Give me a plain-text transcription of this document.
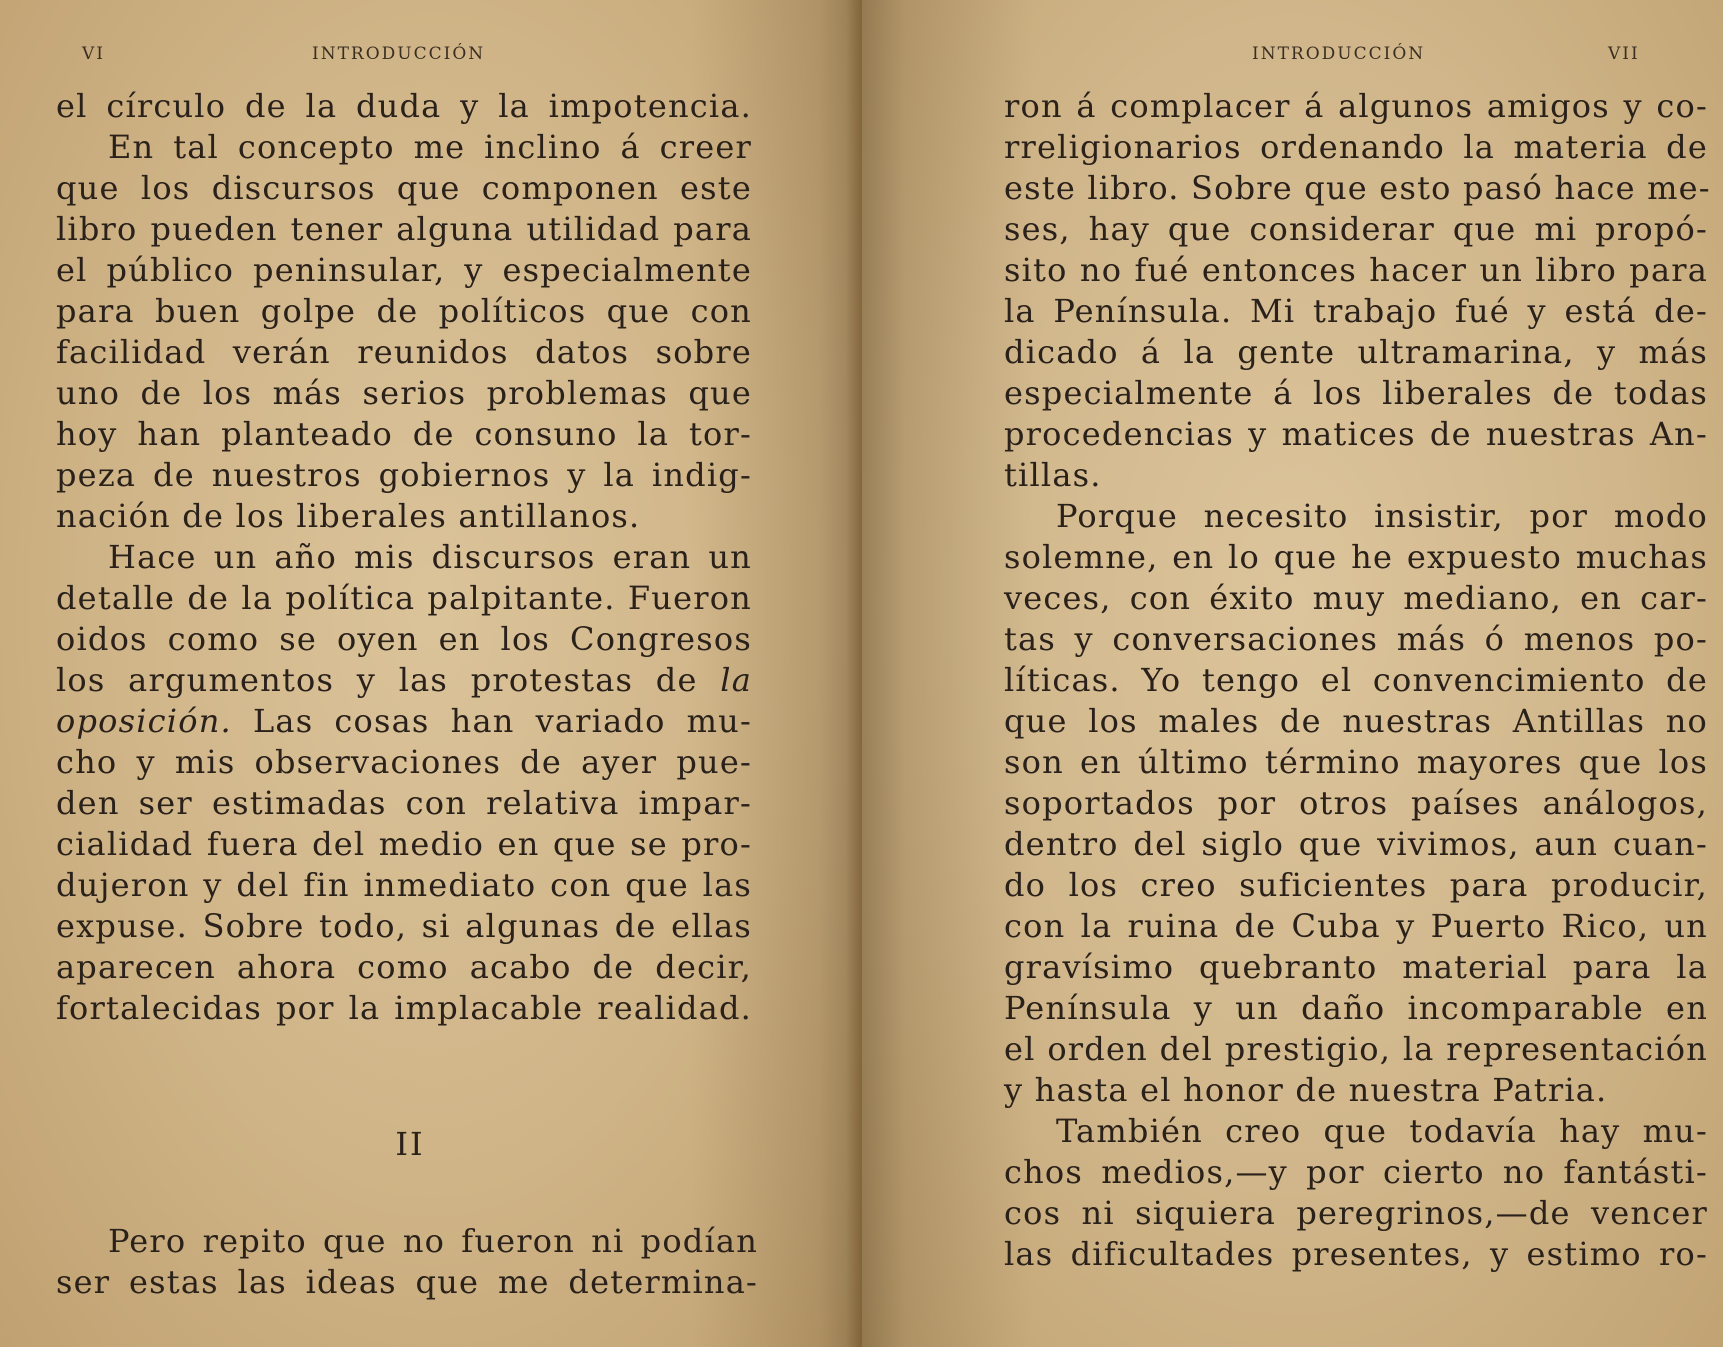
VI	INTRODUCCIÓN
el círculo de la duda y la impotencia.
En tal concepto me inclino á creer
que los discursos que componen este
libro pueden tener alguna utilidad para
el público peninsular, y especialmente
para buen golpe de políticos que con
facilidad verán reunidos datos sobre
uno de los más serios problemas que
hoy han planteado de consuno la tor-
peza de nuestros gobiernos y la indig-
nación de los liberales antillanos.
Hace un año mis discursos eran un
detalle de la política palpitante. Fueron
oidos como se oyen en los Congresos
los argumentos y las protestas de la
oposición. Las cosas han variado mu-
cho y mis observaciones de ayer pue-
den ser estimadas con relativa impar-
cialidad fuera del medio en que se pro-
dujeron y del fin inmediato con que las
expuse. Sobre todo, si algunas de ellas
aparecen ahora como acabo de decir,
fortalecidas por la implacable realidad.
II
Pero repito que no fueron ni podían
ser estas las ideas que me determina-
INTRODUCCIÓN	VII
ron á complacer á algunos amigos y co-
rreligionarios ordenando la materia de
este libro. Sobre que esto pasó hace me-
ses, hay que considerar que mi propó-
sito no fué entonces hacer un libro para
la Península. Mi trabajo fué y está de-
dicado á la gente ultramarina, y más
especialmente á los liberales de todas
procedencias y matices de nuestras An-
tillas.
Porque necesito insistir, por modo
solemne, en lo que he expuesto muchas
veces, con éxito muy mediano, en car-
tas y conversaciones más ó menos po-
líticas. Yo tengo el convencimiento de
que los males de nuestras Antillas no
son en último término mayores que los
soportados por otros países análogos,
dentro del siglo que vivimos, aun cuan-
do los creo suficientes para producir,
con la ruina de Cuba y Puerto Rico, un
gravísimo quebranto material para la
Península y un daño incomparable en
el orden del prestigio, la representación
y hasta el honor de nuestra Patria.
También creo que todavía hay mu-
chos medios,—y por cierto no fantásti-
cos ni siquiera peregrinos,—de vencer
las dificultades presentes, y estimo ro-
